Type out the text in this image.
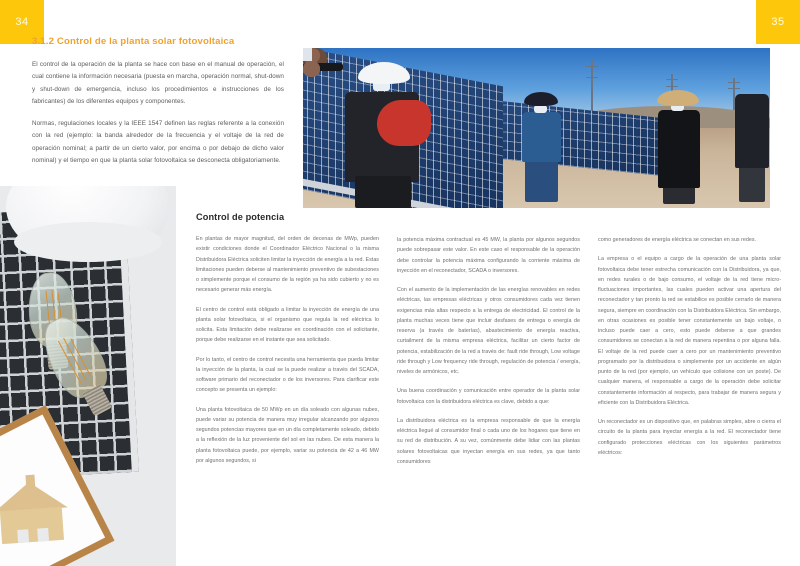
34	35
3.1.2 Control de la planta solar fotovoltaica

El control de la operación de la planta se hace con base en el manual de operación, el cual contiene la información necesaria (puesta en marcha, operación normal, shut-down y shut-down de emergencia, incluso los procedimientos e instrucciones de los fabricantes) de los diferentes equipos y componentes.

Normas, regulaciones locales y la IEEE 1547 definen las reglas referente a la conexión con la red (ejemplo: la banda alrededor de la frecuencia y el voltaje de la red de operación nominal; a partir de un cierto valor, por encima o por debajo de dicho valor nominal) y el tiempo en que la planta solar fotovoltaica se desconecta obligatoriamente.

Control de potencia

En plantas de mayor magnitud, del orden de decenas de MWp, pueden existir condiciones donde el Coordinador Eléctrico Nacional o la misma Distribuidora Eléctrica soliciten limitar la inyección de energía a la red. Estas limitaciones pueden deberse al mantenimiento preventivo de subestaciones o simplemente porque el consumo de la región ya ha sido cubierto y no es necesario generar más energía.

El centro de control está obligado a limitar la inyección de energía de una planta solar fotovoltaica, si el organismo que regula la red eléctrica lo solicita. Esta limitación debe realizarse en coordinación con el solicitante, porque debe realizarse en el instante que sea solicitado.

Por lo tanto, el centro de control necesita una herramienta que pueda limitar la inyección de la planta, la cual se la puede realizar a través del SCADA, software primario del reconectador o de los inversores. Para clarificar este concepto se presenta un ejemplo:

Una planta fotovoltaica de 50 MWp en un día soleado con algunas nubes, puede variar su potencia de manera muy irregular alcanzando por algunos segundos potencias mayores que en un día completamente soleado, debido a la reflexión de la luz proveniente del sol en las nubes. De esta manera la planta fotovoltaica puede, por ejemplo, variar su potencia de 42 a 46 MW por algunos segundos, si

la potencia máxima contractual es 45 MW, la planta por algunos segundos puede sobrepasar este valor. En este caso el responsable de la operación debe controlar la potencia máxima configurando la corriente máxima de inyección en el reconectador, SCADA o inversores.

Con el aumento de la implementación de las energías renovables en redes eléctricas, las empresas eléctricas y otros consumidores cada vez tienen exigencias más altas respecto a la entrega de electricidad. El control de la planta muchas veces tiene que incluir desfases de entrega o energía de reserva (a través de baterías), abastecimiento de energía reactiva, curtailment de la misma empresa eléctrica, facilitar un cierto factor de potencia, estabilización de la red a través de: fault ride through, Low voltage ride through y Low frequency ride through, regulación de potencia / energía, niveles de armónicos, etc.

Una buena coordinación y comunicación entre operador de la planta solar fotovoltaica con la distribuidora eléctrica es clave, debido a que:

La distribuidora eléctrica es la empresa responsable de que la energía eléctrica llegué al consumidor final o cada uno de los hogares que tiene en su red de distribución. A su vez, comúnmente debe lidiar con las plantas solares fotovoltaicas que inyectan energía en sus redes, ya que tanto consumidores

como generadores de energía eléctrica se conectan en sus redes.

La empresa o el equipo a cargo de la operación de una planta solar fotovoltaica debe tener estrecha comunicación con la Distribuidora, ya que, en redes rurales o de bajo consumo, el voltaje de la red tiene micro-fluctuaciones importantes, las cuales pueden activar una apertura del reconectador y tan pronto la red se estabilice es posible cerrarlo de manera segura, siempre en coordinación con la Distribuidora Eléctrica. Sin embargo, en otras ocasiones es posible tener constantemente un bajo voltaje, o incluso puede caer a cero, esto puede deberse a que grandes consumidores se conectan a la red de manera repentina o por alguna falla. El voltaje de la red puede caer a cero por un mantenimiento preventivo programado por la distribuidora o simplemente por un accidente en algún punto de la red (por ejemplo, un vehículo que colisione con un poste). De cualquier manera, el responsable a cargo de la operación debe solicitar constantemente información al respecto, para trabajar de manera segura y eficiente con la Distribuidora Eléctrica.

Un reconectador es un dispositivo que, en palabras simples, abre o cierra el circuito de la planta para inyectar energía a la red. El reconectador tiene configurado protecciones eléctricas con los siguientes parámetros eléctricos:
